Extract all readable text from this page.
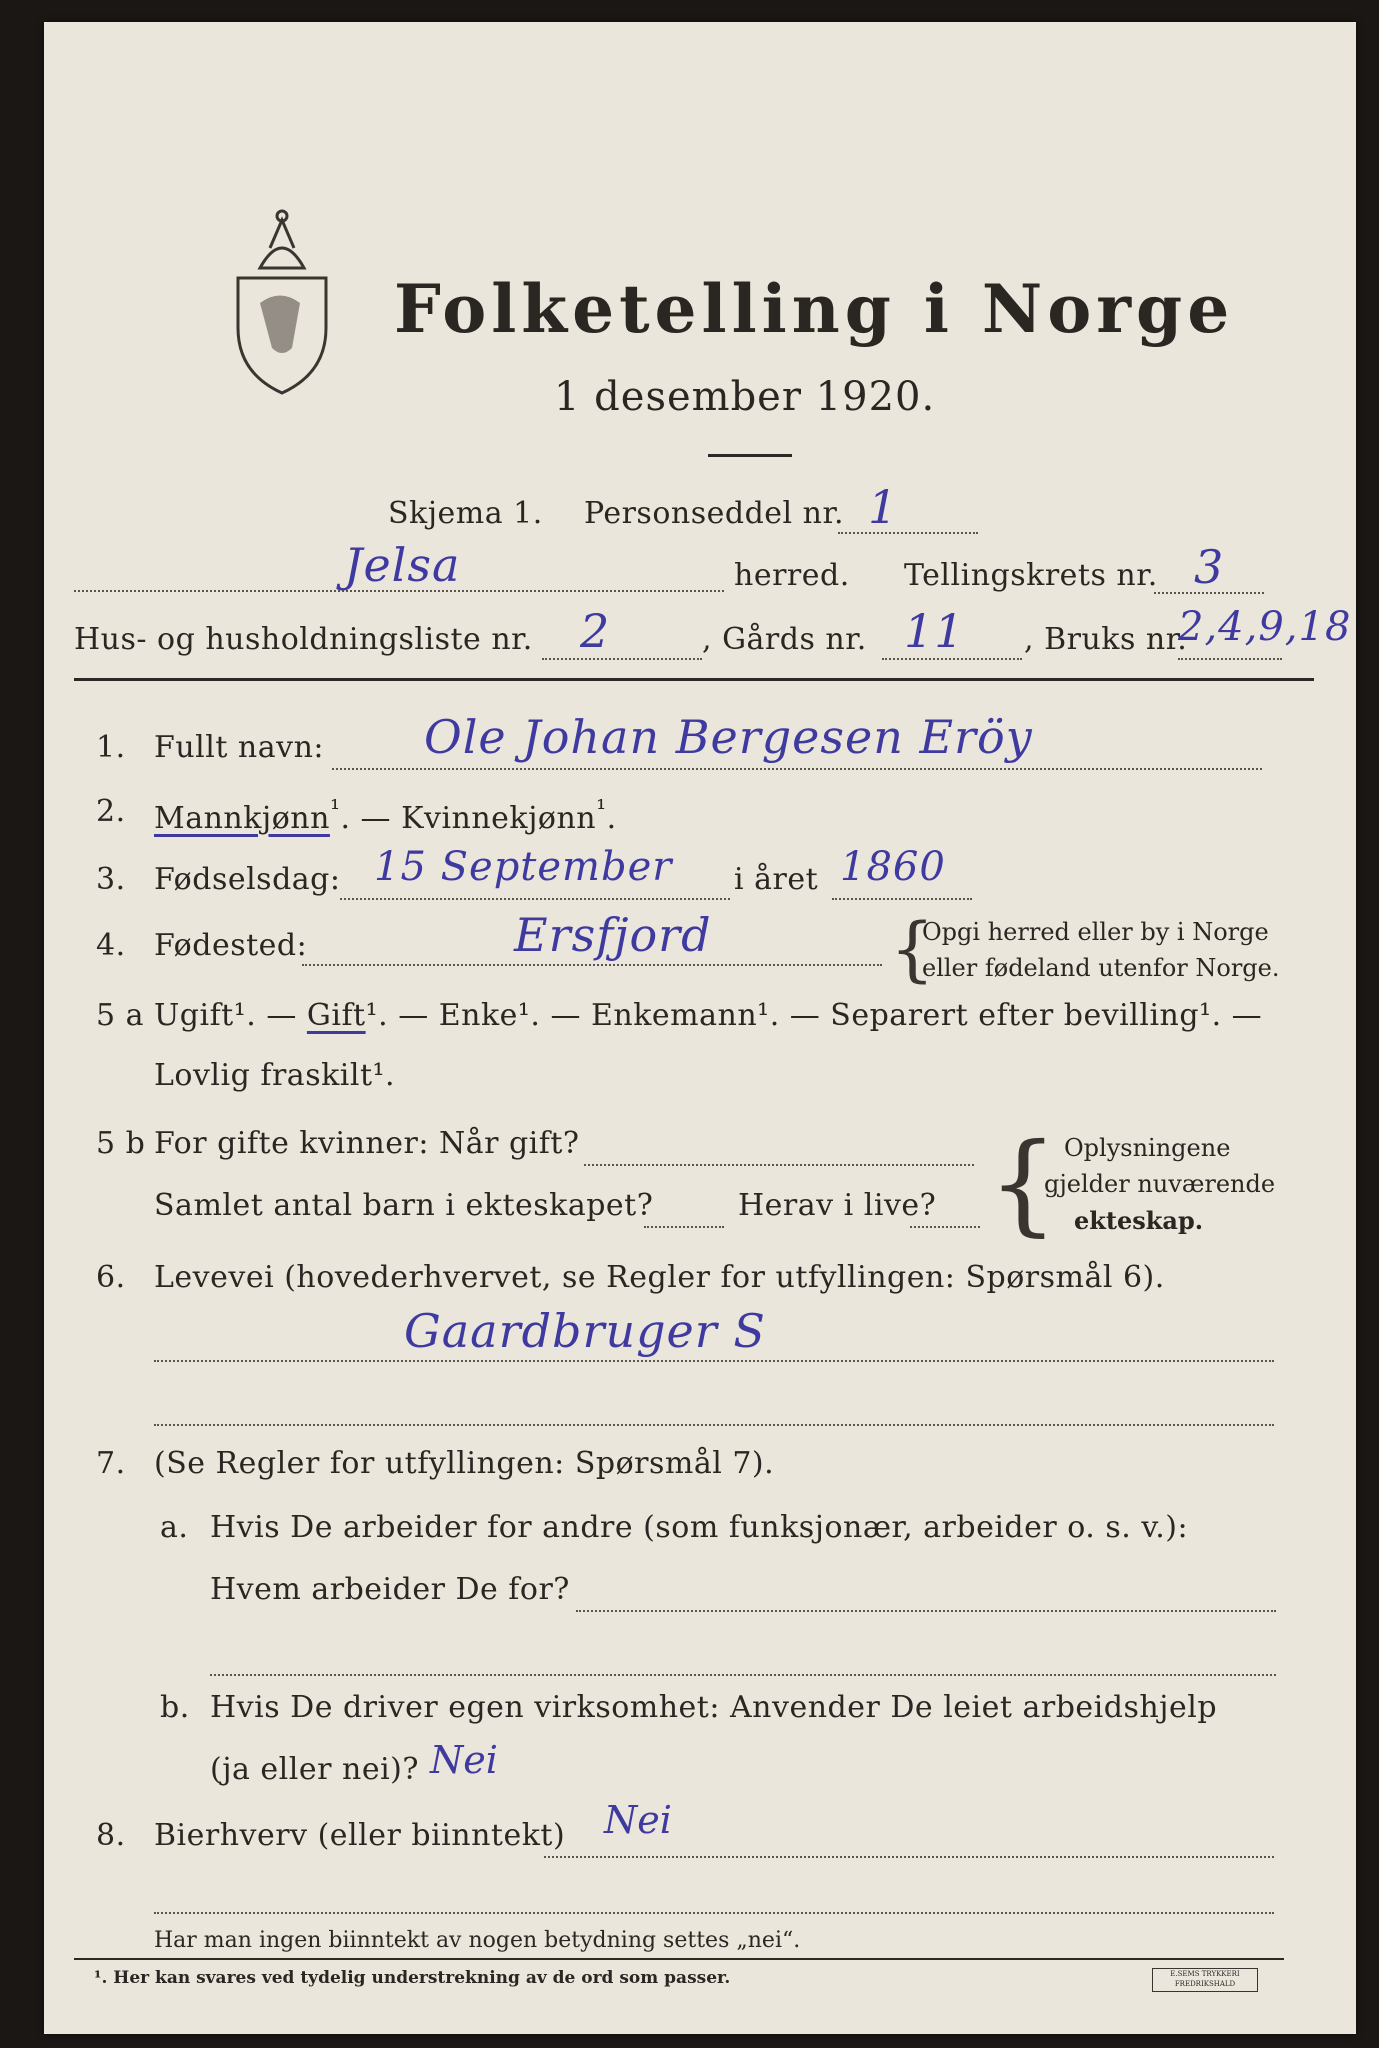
Folketelling i Norge
1 desember 1920.
Skjema 1. Personseddel nr. 1
Jelsa	herred. Tellingskrets nr. 3
Hus- og husholdningsliste nr. 2	, Gårds nr. 11 , Bruks nr.
2,4,9,18
1. Fullt navn: Ole Johan Bergesen Eröy
2. Mannkjønn$^{^1}$. — Kvinnekjønn$^{^1}$.
3. Fødselsdag: 15 September i året 1860
4. Fødested:	Ersfjord	{
Opgi herred eller by i Norge
eller fødeland utenfor Norge.
5 a Ugift¹. — Gift¹. — Enke¹. — Enkemann¹. — Separert efter bevilling¹. —
Lovlig fraskilt¹.
5 b For gifte kvinner: Når gift?
Samlet antal barn i ekteskapet?	Herav i live? { Oplysningene
gjelder nuværende
ekteskap.
6. Levevei (hovederhvervet, se Regler for utfyllingen: Spørsmål 6).
Gaardbruger S
7. (Se Regler for utfyllingen: Spørsmål 7).
a. Hvis De arbeider for andre (som funksjonær, arbeider o. s. v.):
Hvem arbeider De for?
b. Hvis De driver egen virksomhet: Anvender De leiet arbeidshjelp
(ja eller nei)? Nei
8. Bierhverv (eller biinntekt) Nei
Har man ingen biinntekt av nogen betydning settes „nei“.
¹. Her kan svares ved tydelig understrekning av de ord som passer.	E.SEMS TRYKKERI FREDRIKSHALD
